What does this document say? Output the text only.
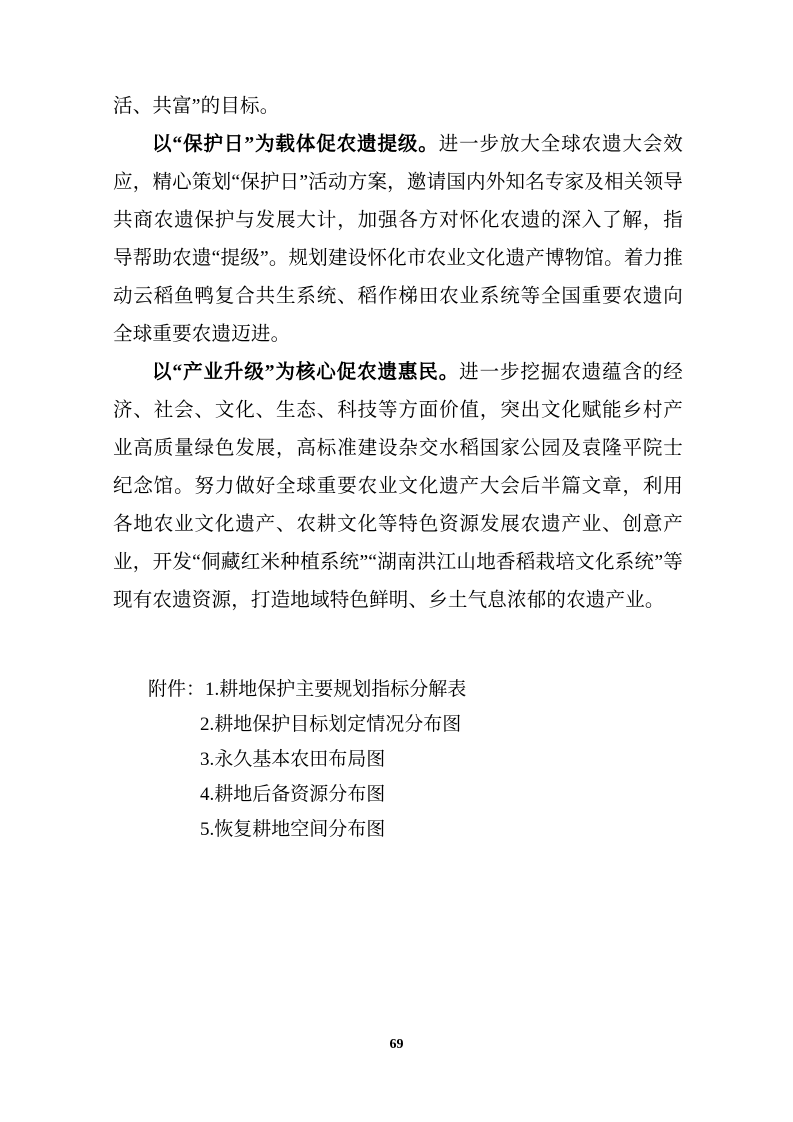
活、共富”的目标。

以“保护日”为载体促农遗提级。进一步放大全球农遗大会效应，精心策划“保护日”活动方案，邀请国内外知名专家及相关领导共商农遗保护与发展大计，加强各方对怀化农遗的深入了解，指导帮助农遗“提级”。规划建设怀化市农业文化遗产博物馆。着力推动云稻鱼鸭复合共生系统、稻作梯田农业系统等全国重要农遗向全球重要农遗迈进。

以“产业升级”为核心促农遗惠民。进一步挖掘农遗蕴含的经济、社会、文化、生态、科技等方面价值，突出文化赋能乡村产业高质量绿色发展，高标准建设杂交水稻国家公园及袁隆平院士纪念馆。努力做好全球重要农业文化遗产大会后半篇文章，利用各地农业文化遗产、农耕文化等特色资源发展农遗产业、创意产业，开发“侗藏红米种植系统”“湖南洪江山地香稻栽培文化系统”等现有农遗资源，打造地域特色鲜明、乡土气息浓郁的农遗产业。

附件：1.耕地保护主要规划指标分解表
2.耕地保护目标划定情况分布图
3.永久基本农田布局图
4.耕地后备资源分布图
5.恢复耕地空间分布图
69
